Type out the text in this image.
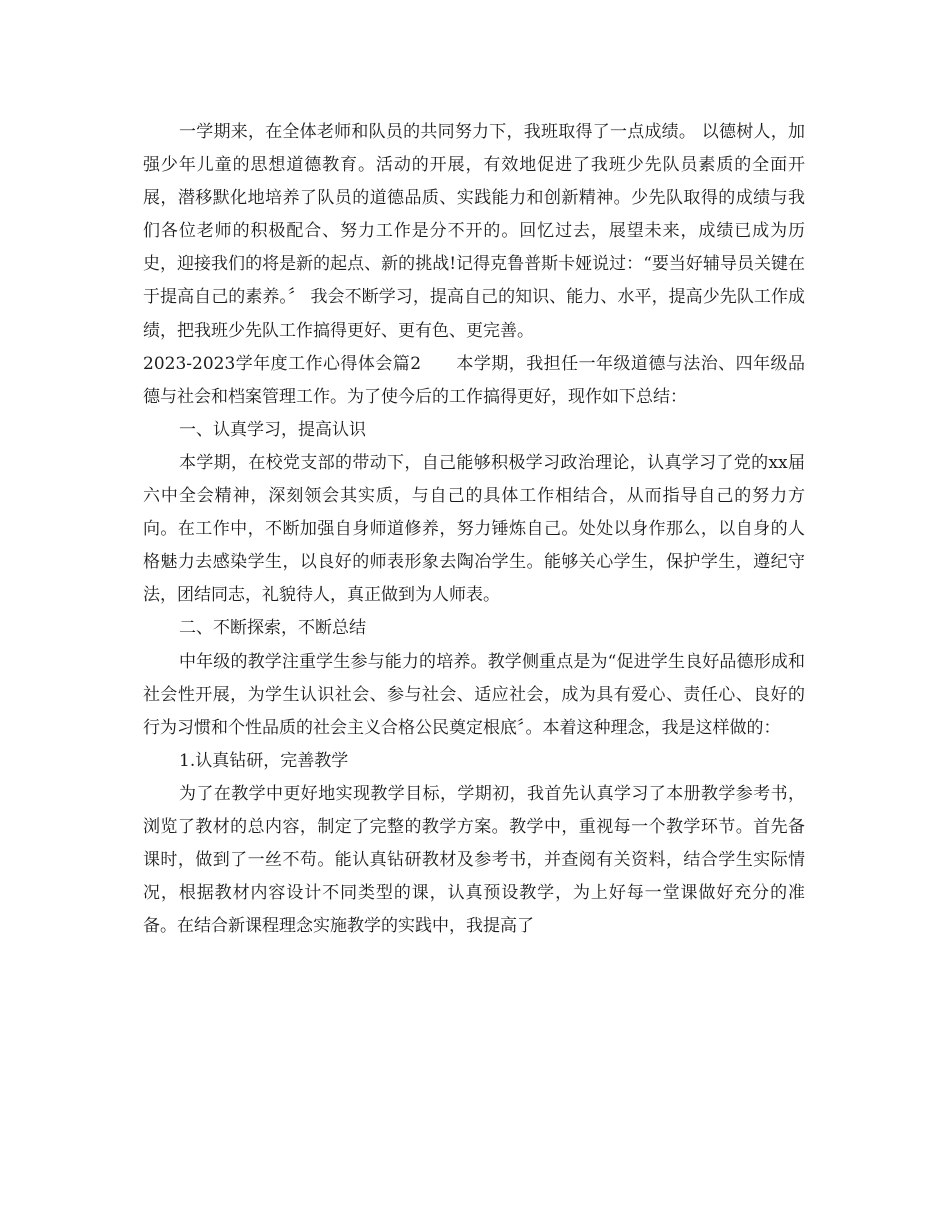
一学期来，在全体老师和队员的共同努力下，我班取得了一点成绩。 以德树人，加强少年儿童的思想道德教育。活动的开展，有效地促进了我班少先队员素质的全面开展，潜移默化地培养了队员的道德品质、实践能力和创新精神。少先队取得的成绩与我们各位老师的积极配合、努力工作是分不开的。回忆过去，展望未来，成绩已成为历史，迎接我们的将是新的起点、新的挑战!记得克鲁普斯卡娅说过：“要当好辅导员关键在于提高自己的素养。〞 我会不断学习，提高自己的知识、能力、水平，提高少先队工作成绩，把我班少先队工作搞得更好、更有色、更完善。

2023-2023学年度工作心得体会篇2　　本学期，我担任一年级道德与法治、四年级品德与社会和档案管理工作。为了使今后的工作搞得更好，现作如下总结：

一、认真学习，提高认识

本学期，在校党支部的带动下，自己能够积极学习政治理论，认真学习了党的xx届六中全会精神，深刻领会其实质，与自己的具体工作相结合，从而指导自己的努力方向。在工作中，不断加强自身师道修养，努力锤炼自己。处处以身作那么，以自身的人格魅力去感染学生，以良好的师表形象去陶冶学生。能够关心学生，保护学生，遵纪守法，团结同志，礼貌待人，真正做到为人师表。

二、不断探索，不断总结

中年级的教学注重学生参与能力的培养。教学侧重点是为“促进学生良好品德形成和社会性开展，为学生认识社会、参与社会、适应社会，成为具有爱心、责任心、良好的行为习惯和个性品质的社会主义合格公民奠定根底〞。本着这种理念，我是这样做的：

1.认真钻研，完善教学

为了在教学中更好地实现教学目标，学期初，我首先认真学习了本册教学参考书，浏览了教材的总内容，制定了完整的教学方案。教学中，重视每一个教学环节。首先备课时，做到了一丝不苟。能认真钻研教材及参考书，并查阅有关资料，结合学生实际情况，根据教材内容设计不同类型的课，认真预设教学，为上好每一堂课做好充分的准备。在结合新课程理念实施教学的实践中，我提高了
